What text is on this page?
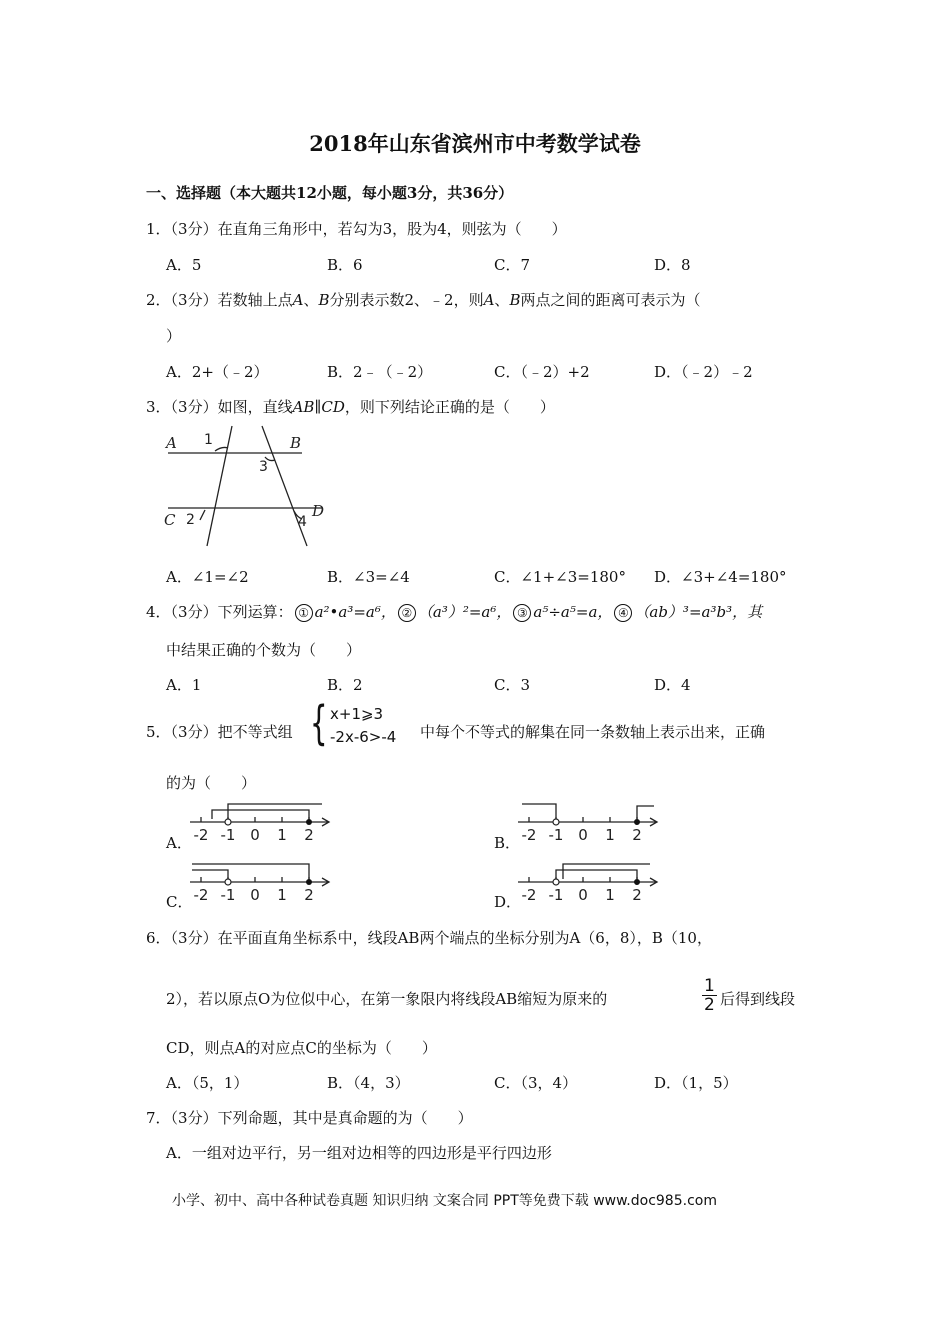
2018年山东省滨州市中考数学试卷
一、选择题（本大题共12小题，每小题3分，共36分）
1．（3分）在直角三角形中，若勾为3，股为4，则弦为（　　）
A．5	B．6	C．7	D．8
2．（3分）若数轴上点A、B分别表示数2、﹣2，则A、B两点之间的距离可表示为（
）
A．2+（﹣2）	B．2﹣（﹣2）	C．（﹣2）+2	D．（﹣2）﹣2
3．（3分）如图，直线AB∥CD，则下列结论正确的是（　　）
A	B
C	D
1
2
3
4
A．∠1=∠2	B．∠3=∠4	C．∠1+∠3=180° D．∠3+∠4=180°
4．（3分）下列运算： ① a²•a³=a⁶， ② （a³）²=a⁶， ③ a⁵÷a⁵=a， ④ （ab）³=a³b³，其
中结果正确的个数为（　　）
A．1	B．2	C．3	D．4
5．（3分）把不等式组 { x+1⩾3
-2x-6>-4 中每个不等式的解集在同一条数轴上表示出来，正确
的为（　　）
A．	B．
C．	D．
-2 -1 0 1 2	-2 -1 0 1 2
-2 -1 0 1 2	-2 -1 0 1 2
6．（3分）在平面直角坐标系中，线段AB两个端点的坐标分别为A（6，8），B（10，
2），若以原点O为位似中心，在第一象限内将线段AB缩短为原来的	$\frac{1}{2}$ 后得到线段
CD，则点A的对应点C的坐标为（　　）
A．（5，1）	B．（4，3）	C．（3，4）	D．（1，5）
7．（3分）下列命题，其中是真命题的为（　　）
A．一组对边平行，另一组对边相等的四边形是平行四边形
小学、初中、高中各种试卷真题 知识归纳 文案合同 PPT等免费下载 www.doc985.com
